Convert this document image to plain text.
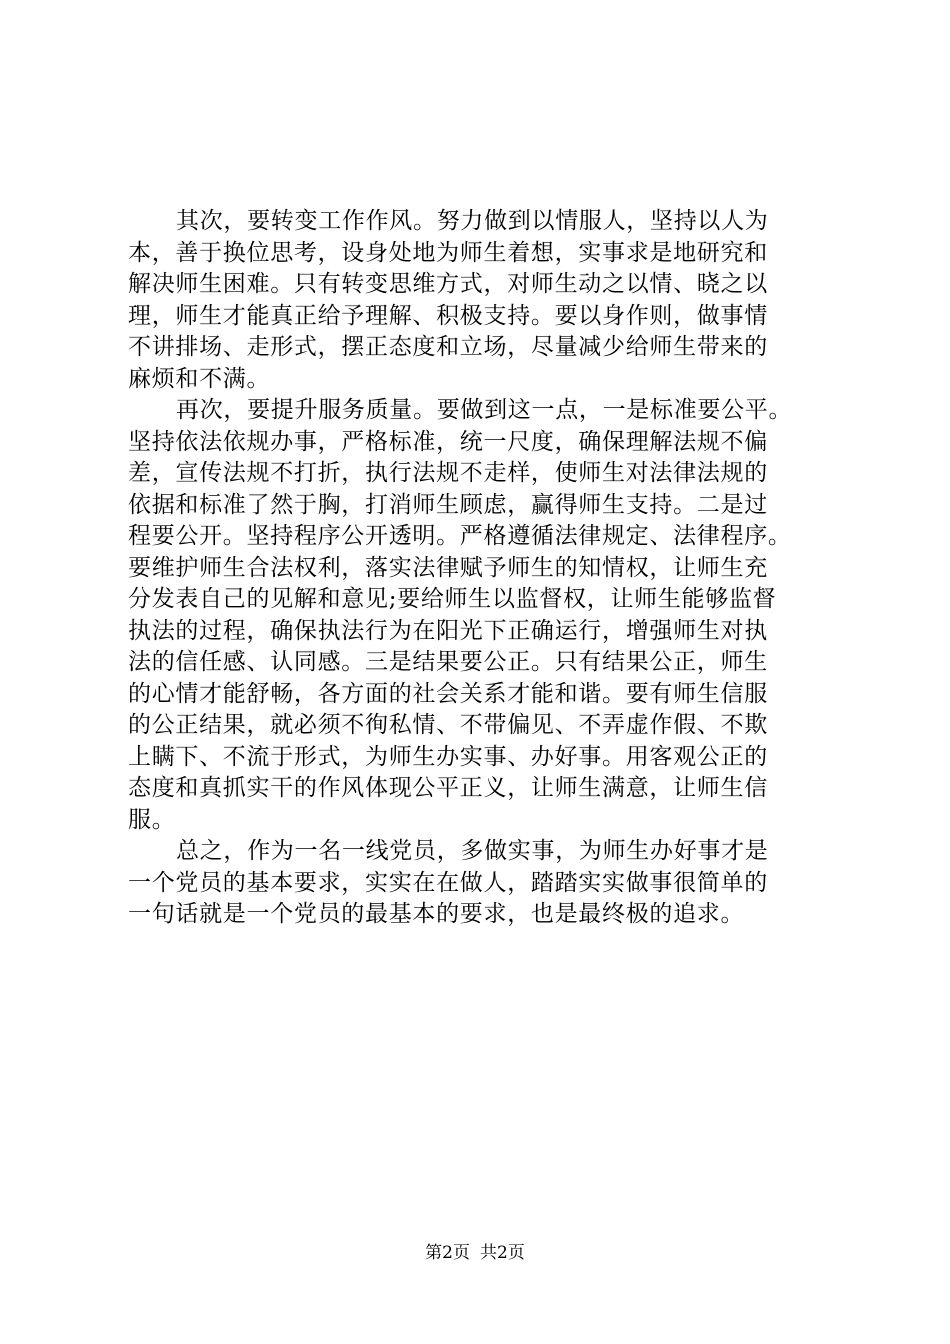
其次，要转变工作作风。努力做到以情服人，坚持以人为
本，善于换位思考，设身处地为师生着想，实事求是地研究和
解决师生困难。只有转变思维方式，对师生动之以情、晓之以
理，师生才能真正给予理解、积极支持。要以身作则，做事情
不讲排场、走形式，摆正态度和立场，尽量减少给师生带来的
麻烦和不满。
再次，要提升服务质量。要做到这一点，一是标准要公平。
坚持依法依规办事，严格标准，统一尺度，确保理解法规不偏
差，宣传法规不打折，执行法规不走样，使师生对法律法规的
依据和标准了然于胸，打消师生顾虑，赢得师生支持。二是过
程要公开。坚持程序公开透明。严格遵循法律规定、法律程序。
要维护师生合法权利，落实法律赋予师生的知情权，让师生充
分发表自己的见解和意见;要给师生以监督权，让师生能够监督
执法的过程，确保执法行为在阳光下正确运行，增强师生对执
法的信任感、认同感。三是结果要公正。只有结果公正，师生
的心情才能舒畅，各方面的社会关系才能和谐。要有师生信服
的公正结果，就必须不徇私情、不带偏见、不弄虚作假、不欺
上瞒下、不流于形式，为师生办实事、办好事。用客观公正的
态度和真抓实干的作风体现公平正义，让师生满意，让师生信
服。
总之，作为一名一线党员，多做实事，为师生办好事才是
一个党员的基本要求，实实在在做人，踏踏实实做事很简单的
一句话就是一个党员的最基本的要求，也是最终极的追求。
第2页 共2页
